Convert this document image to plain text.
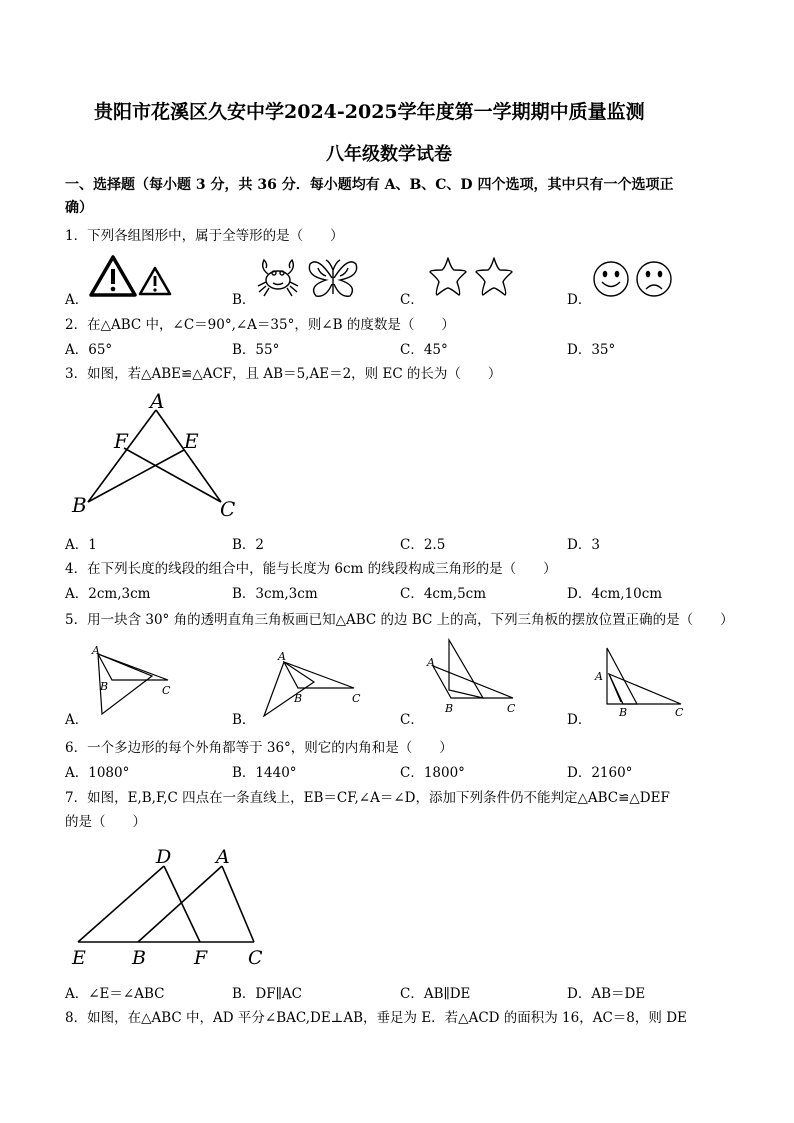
贵阳市花溪区久安中学2024-2025学年度第一学期期中质量监测
八年级数学试卷
一、选择题（每小题 3 分，共 36 分．每小题均有 A、B、C、D 四个选项，其中只有一个选项正
确）
1．下列各组图形中，属于全等形的是（　　）
A．	B．	C．	D．
2．在△ABC 中，∠C＝90°,∠A＝35°，则∠B 的度数是（　　）
A．65°	B．55°	C．45°	D．35°
3．如图，若△ABE≌△ACF，且 AB＝5,AE＝2，则 EC 的长为（　　）
A
F	E
B	C
A．1	B．2	C．2.5	D．3
4．在下列长度的线段的组合中，能与长度为 6cm 的线段构成三角形的是（　　）
A．2cm,3cm	B．3cm,3cm	C．4cm,5cm	D．4cm,10cm
5．用一块含 30° 角的透明直角三角板画已知△ABC 的边 BC 上的高，下列三角板的摆放位置正确的是（　　）
A
B	C
A
B	C
A
B	C
A
B	C
A．	B．	C．	D．
6．一个多边形的每个外角都等于 36°，则它的内角和是（　　）
A．1080°	B．1440°	C．1800°	D．2160°
7．如图，E,B,F,C 四点在一条直线上，EB＝CF,∠A＝∠D，添加下列条件仍不能判定△ABC≌△DEF
的是（　　）
D A
E B	F C
A．∠E＝∠ABC	B．DF∥AC	C．AB∥DE	D．AB＝DE
8．如图，在△ABC 中，AD 平分∠BAC,DE⊥AB，垂足为 E．若△ACD 的面积为 16，AC＝8，则 DE
